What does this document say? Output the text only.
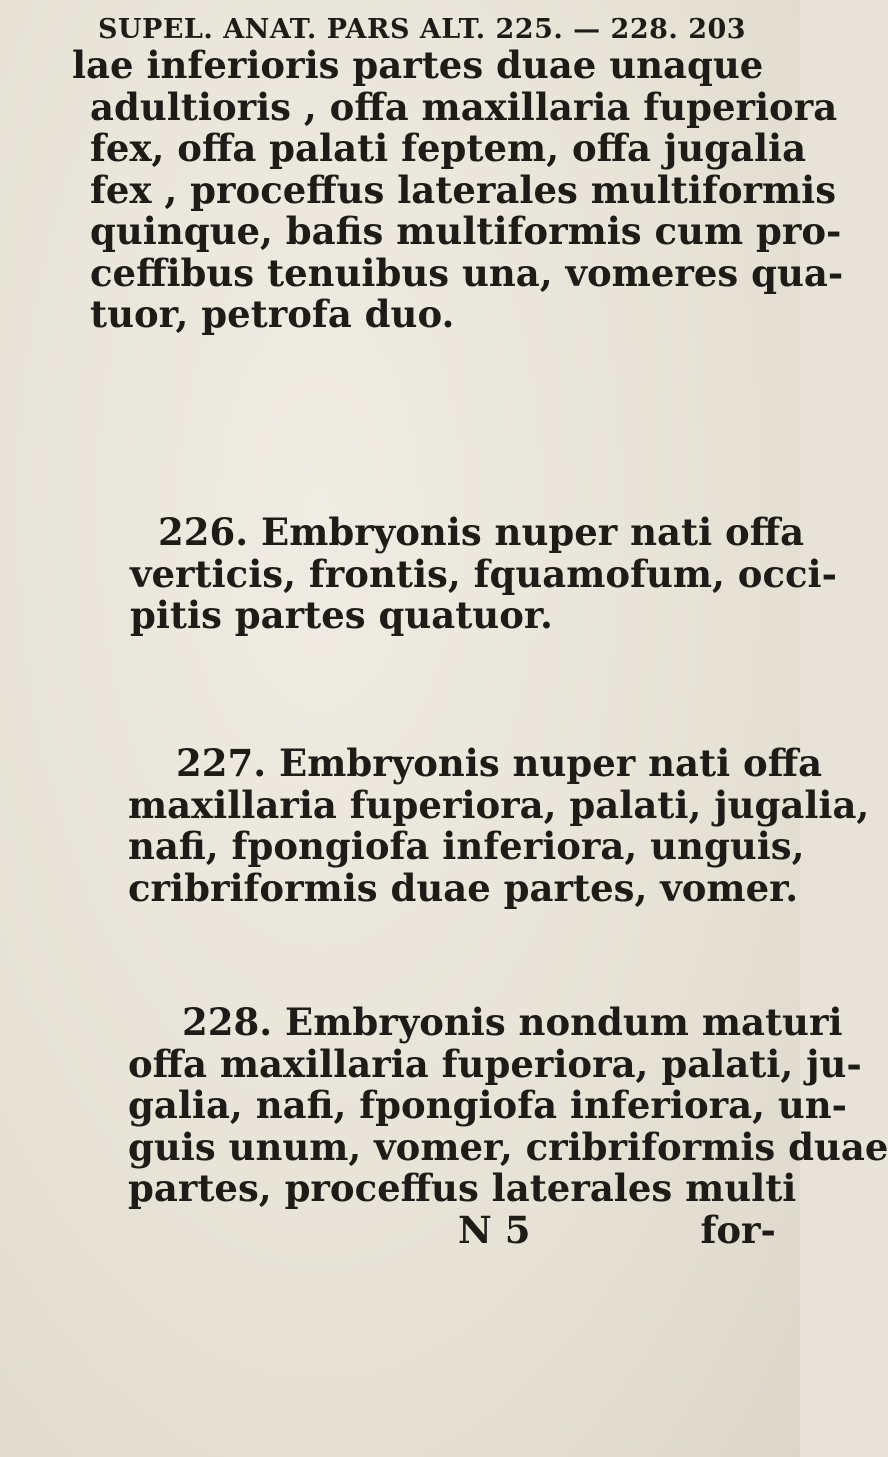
SUPEL. ANAT. PARS ALT. 225. — 228. 203

lae inferioris partes duae unaque
adultioris , offa maxillaria fuperiora
fex, offa palati feptem, offa jugalia
fex , proceffus laterales multiformis
quinque, bafis multiformis cum pro-
ceffibus tenuibus una, vomeres qua-
tuor, petrofa duo.

226. Embryonis nuper nati offa
verticis, frontis, fquamofum, occi-
pitis partes quatuor.

227. Embryonis nuper nati offa
maxillaria fuperiora, palati, jugalia,
nafi, fpongiofa inferiora, unguis,
cribriformis duae partes, vomer.

228. Embryonis nondum maturi
offa maxillaria fuperiora, palati, ju-
galia, nafi, fpongiofa inferiora, un-
guis unum, vomer, cribriformis duae
partes, proceffus laterales multi
N 5	for-
